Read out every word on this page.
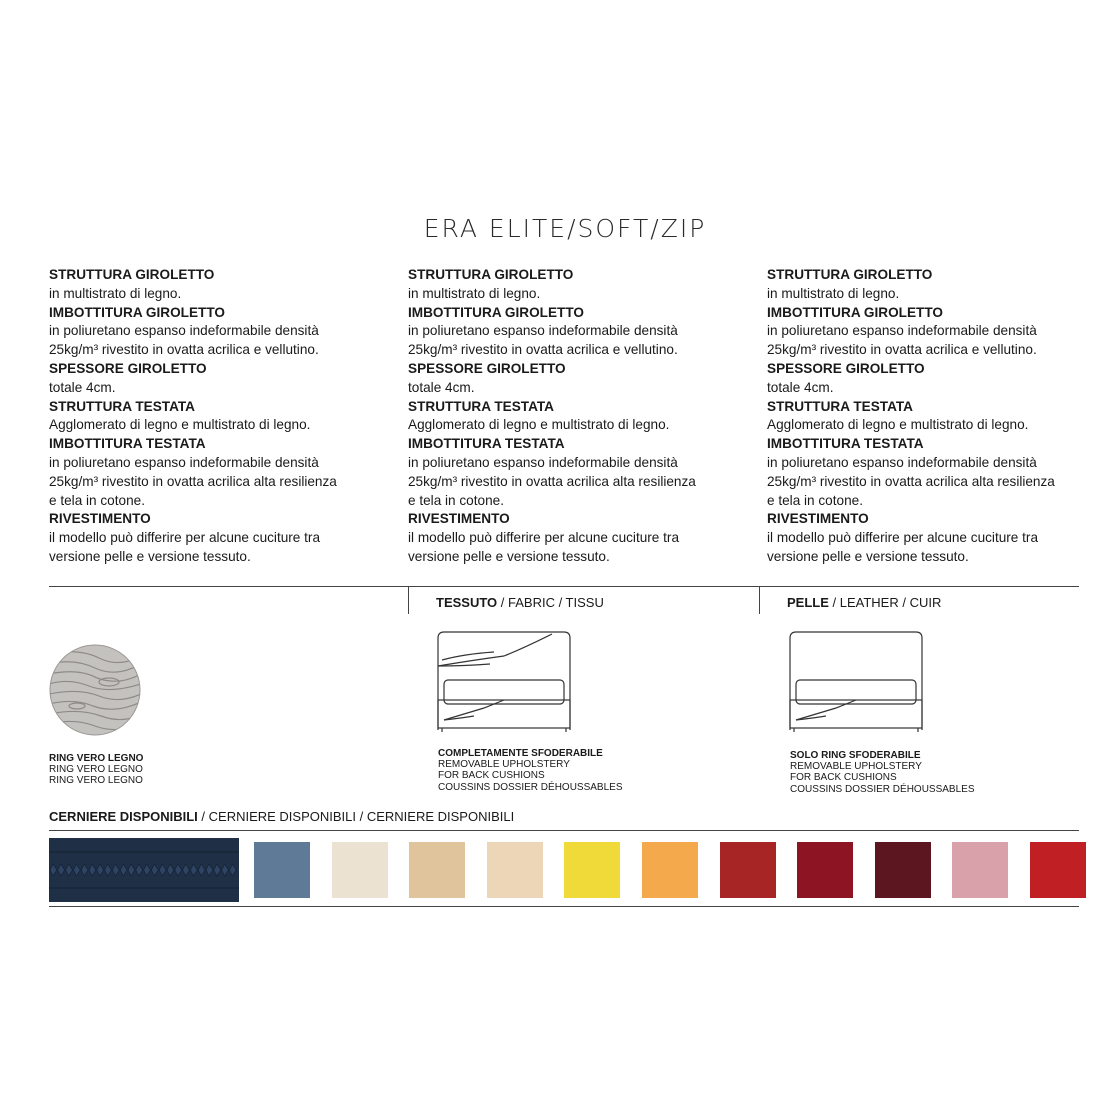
ERA ELITE/SOFT/ZIP
STRUTTURA GIROLETTO
in multistrato di legno.
IMBOTTITURA GIROLETTO
in poliuretano espanso indeformabile densità
25kg/m³ rivestito in ovatta acrilica e vellutino.
SPESSORE GIROLETTO
totale 4cm.
STRUTTURA TESTATA
Agglomerato di legno e multistrato di legno.
IMBOTTITURA TESTATA
in poliuretano espanso indeformabile densità
25kg/m³ rivestito in ovatta acrilica alta resilienza
e tela in cotone.
RIVESTIMENTO
il modello può differire per alcune cuciture tra
versione pelle e versione tessuto.
STRUTTURA GIROLETTO
in multistrato di legno.
IMBOTTITURA GIROLETTO
in poliuretano espanso indeformabile densità
25kg/m³ rivestito in ovatta acrilica e vellutino.
SPESSORE GIROLETTO
totale 4cm.
STRUTTURA TESTATA
Agglomerato di legno e multistrato di legno.
IMBOTTITURA TESTATA
in poliuretano espanso indeformabile densità
25kg/m³ rivestito in ovatta acrilica alta resilienza
e tela in cotone.
RIVESTIMENTO
il modello può differire per alcune cuciture tra
versione pelle e versione tessuto.
STRUTTURA GIROLETTO
in multistrato di legno.
IMBOTTITURA GIROLETTO
in poliuretano espanso indeformabile densità
25kg/m³ rivestito in ovatta acrilica e vellutino.
SPESSORE GIROLETTO
totale 4cm.
STRUTTURA TESTATA
Agglomerato di legno e multistrato di legno.
IMBOTTITURA TESTATA
in poliuretano espanso indeformabile densità
25kg/m³ rivestito in ovatta acrilica alta resilienza
e tela in cotone.
RIVESTIMENTO
il modello può differire per alcune cuciture tra
versione pelle e versione tessuto.
TESSUTO / FABRIC / TISSU	PELLE / LEATHER / CUIR
RING VERO LEGNO
RING VERO LEGNO
RING VERO LEGNO
COMPLETAMENTE SFODERABILE
REMOVABLE UPHOLSTERY
FOR BACK CUSHIONS
COUSSINS DOSSIER DÉHOUSSABLES
SOLO RING SFODERABILE
REMOVABLE UPHOLSTERY
FOR BACK CUSHIONS
COUSSINS DOSSIER DÉHOUSSABLES
CERNIERE DISPONIBILI / CERNIERE DISPONIBILI / CERNIERE DISPONIBILI
